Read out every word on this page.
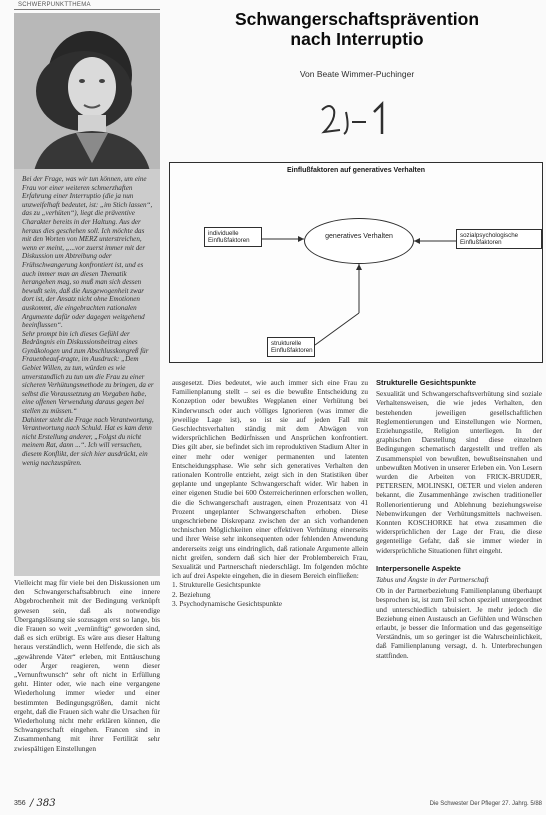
SCHWERPUNKTTHEMA
Schwangerschaftsprävention
nach Interruptio
Von Beate Wimmer-Puchinger

Bei der Frage, was wir tun können, um eine Frau vor einer weiteren schmerzhaften Erfahrung einer Interruptio (die ja nun unzweifelhaft bedeutet, ist: „im Stich lassen“, das zu „verhüten“), liegt die präventive Charakter bereits in der Haltung. Aus der heraus dies geschehen soll. Ich möchte das mit den Worten von MERZ unterstreichen, wenn er meint, „...vor zuerst immer mit der Diskussion um Abtreibung oder Frühschwangerung konfrontiert ist, und es auch immer man an diesen Thematik herangehen mag, so muß man sich dessen bewußt sein, daß die Ausgewogenheit zwar dort ist, der Ansatz nicht ohne Emotionen auskommt, die eingebrachten rationalen Argumente dafür oder dagegen weitgehend beeinflussen“.

Sehr prompt bin ich dieses Gefühl der Bedrängnis ein Diskussionsbeitrag eines Gynäkologen und zum Abschlusskongreß für Frauenbeauf-tragte, im Ausdruck: „Dem Gebiet Willen, zu tun, würden es wie unverstandlich zu tun um die Frau zu einer sicheren Verhütungsmethode zu bringen, da er selbst die Voraussetzung an Vorgaben habe, eine offenen Verwendung daraus gegen bei stellen zu müssen.“

Dahinter steht die Frage nach Verantwortung, Verantwortung nach Schuld. Hat es kam denn nicht Erstellung anderer, „Folgst du nicht meinem Rat, dann ...“. Ich will versuchen, diesem Konflikt, der sich hier ausdrückt, ein wenig nachzuspüren.

Vielleicht mag für viele bei den Diskussionen um den Schwangerschaftsabbruch eine innere Abgebrochenheit mit der Bedingung verknüpft gewesen sein, daß als notwendige Übergangslösung sie sozusagen erst so lange, bis die Frauen so weit „vernünftig“ geworden sind, daß es sich erübrigt. Es wäre aus dieser Haltung heraus verständlich, wenn Helfende, die sich als „gewährende Väter“ erleben, mit Enttäuschung oder Ärger reagieren, wenn dieser „Vernunftwunsch“ sehr oft nicht in Erfüllung geht. Hinter oder, wie nach eine vergangene Wiederholung immer wieder und einer bestimmten Bedingungsgrößen, damit nicht ergeht, daß die Frauen sich wahr die Ursachen für Wiederholung nicht mehr erklären können, die Schwangerschaft eingehen. Francen sind in Zusammenhang mit ihrer Fertilität sehr zwiespältigen Einstellungen

Einflußfaktoren auf generatives Verhalten
individuelle Einflußfaktoren
generatives Verhalten	sozialpsychologische Einflußfaktoren
strukturelle Einflußfaktoren

ausgesetzt. Dies bedeutet, wie auch immer sich eine Frau zu Familienplanung stellt – sei es die bewußte Entscheidung zu Konzeption oder bewußtes Wegplanen einer Verhütung bei Kinderwunsch oder auch völliges Ignorieren (was immer die jeweilige Lage ist), so ist sie auf jeden Fall mit Geschlechtsverhalten ständig mit dem Abwägen von widersprüchlichen Bedürfnissen und Ansprüchen konfrontiert. Dies gilt aber, sie befindet sich im reproduktiven Stadium Alter in einer mehr oder weniger permanenten und latenten Entscheidungsphase. Wie sehr sich generatives Verhalten den rationalen Kontrolle entzieht, zeigt sich in den Statistiken über geplante und ungeplante Schwangerschaft wider. Wir haben in einer eigenen Studie bei 600 Österreicherinnen erforschen wollen, die die Schwangerschaft austragen, einen Prozentsatz von 41 Prozent ungeplanter Schwangerschaften erhoben. Diese ungeschriebene Diskrepanz zwischen der an sich vorhandenen technischen Möglichkeiten einer effektiven Verhütung einerseits und ihrer Weise sehr inkonsequenten oder fehlenden Anwendung andererseits zeigt uns eindringlich, daß rationale Argumente allein nicht greifen, sondern daß sich hier der Problembereich Frau, Sexualität und Partnerschaft niederschlägt. Im folgenden möchte ich auf drei Aspekte eingehen, die in diesem Bereich einfließen:

1. Strukturelle Gesichtspunkte

2. Beziehung

3. Psychodynamische Gesichtspunkte

Strukturelle Gesichtspunkte

Sexualität und Schwangerschaftsverhütung sind soziale Verhaltensweisen, die wie jedes Verhalten, den bestehenden jeweiligen gesellschaftlichen Reglementierungen und Einstellungen wie Normen, Erziehungsstile, Religion unterliegen. In der graphischen Darstellung sind diese einzelnen Bedingungen schematisch dargestellt und treffen als Zusammenspiel von bewußten, bewußtseinsnahen und unbewußten Motiven in unserer Erleben ein. Von Lesern wurden die Arbeiten von FRICK-BRUDER, PETERSEN, MOLINSKI, OETER und vielen anderen bekannt, die Zusammenhänge zwischen traditioneller Rollenorientierung und Ablehnung beziehungsweise Nebenwirkungen der Verhütungsmittels nachweisen. Konnten KOSCHORKE hat etwa zusammen die widersprüchlichen der Lage der Frau, die diese gegenteilige Gefahr, daß sie immer wieder in widersprüchliche Situationen führt eingeht.

Interpersonelle Aspekte
Tabus und Ängste in der Partnerschaft

Ob in der Partnerbeziehung Familienplanung überhaupt besprochen ist, ist zum Teil schon speziell untergeordnet und unterschiedlich tabuisiert. Je mehr jedoch die Beziehung einen Austausch an Gefühlen und Wünschen erlaubt, je besser die Information und das gegenseitige Verständnis, um so geringer ist die Wahrscheinlichkeit, daß Familienplanung versagt, d. h. Unterbrechungen stattfinden.

356 / 383	Die Schwester Der Pfleger 27. Jahrg. 5/88
